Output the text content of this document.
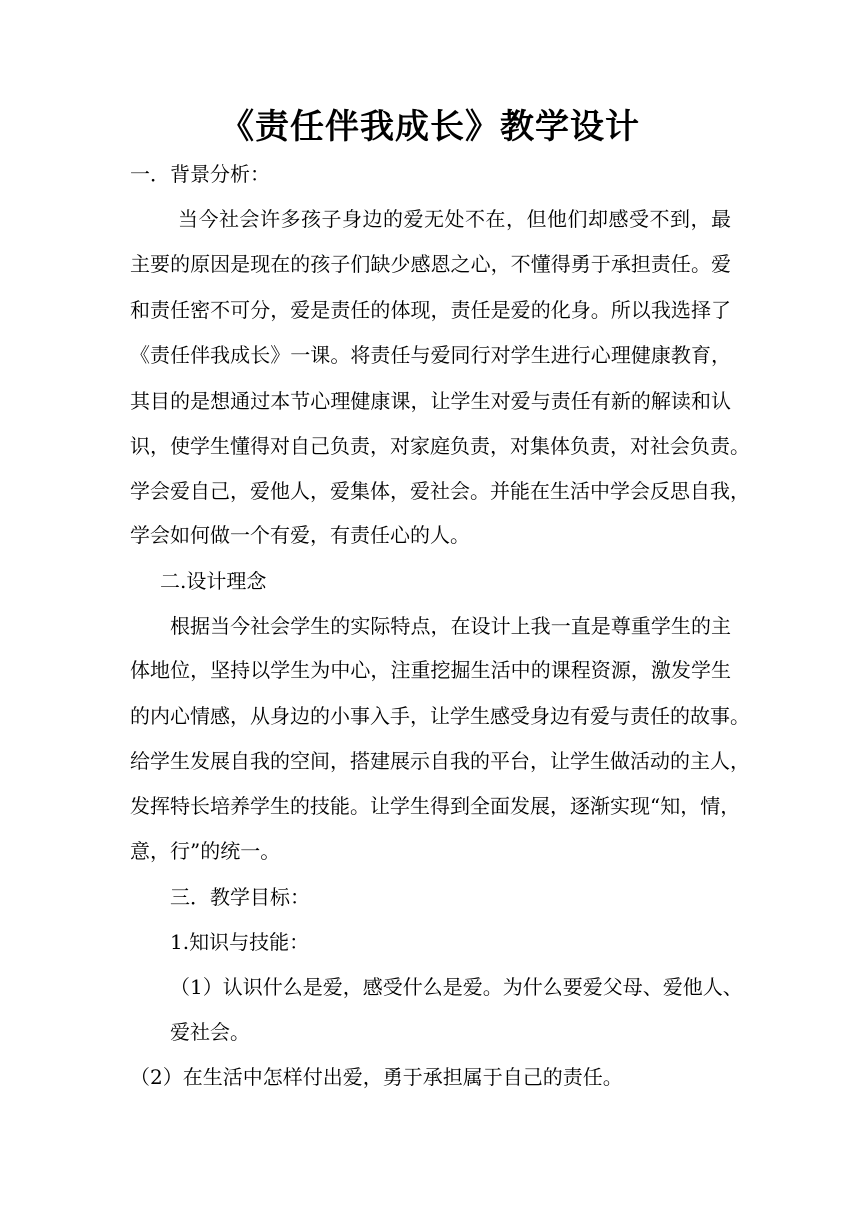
《责任伴我成长》教学设计
一．背景分析：
当今社会许多孩子身边的爱无处不在，但他们却感受不到，最
主要的原因是现在的孩子们缺少感恩之心，不懂得勇于承担责任。爱
和责任密不可分，爱是责任的体现，责任是爱的化身。所以我选择了
《责任伴我成长》一课。将责任与爱同行对学生进行心理健康教育，
其目的是想通过本节心理健康课，让学生对爱与责任有新的解读和认
识，使学生懂得对自己负责，对家庭负责，对集体负责，对社会负责。
学会爱自己，爱他人，爱集体，爱社会。并能在生活中学会反思自我，
学会如何做一个有爱，有责任心的人。
二.设计理念
根据当今社会学生的实际特点，在设计上我一直是尊重学生的主
体地位，坚持以学生为中心，注重挖掘生活中的课程资源，激发学生
的内心情感，从身边的小事入手，让学生感受身边有爱与责任的故事。
给学生发展自我的空间，搭建展示自我的平台，让学生做活动的主人，
发挥特长培养学生的技能。让学生得到全面发展，逐渐实现“知，情，
意，行”的统一。
三．教学目标：
1.知识与技能：
（1）认识什么是爱，感受什么是爱。为什么要爱父母、爱他人、
爱社会。
（2）在生活中怎样付出爱，勇于承担属于自己的责任。
